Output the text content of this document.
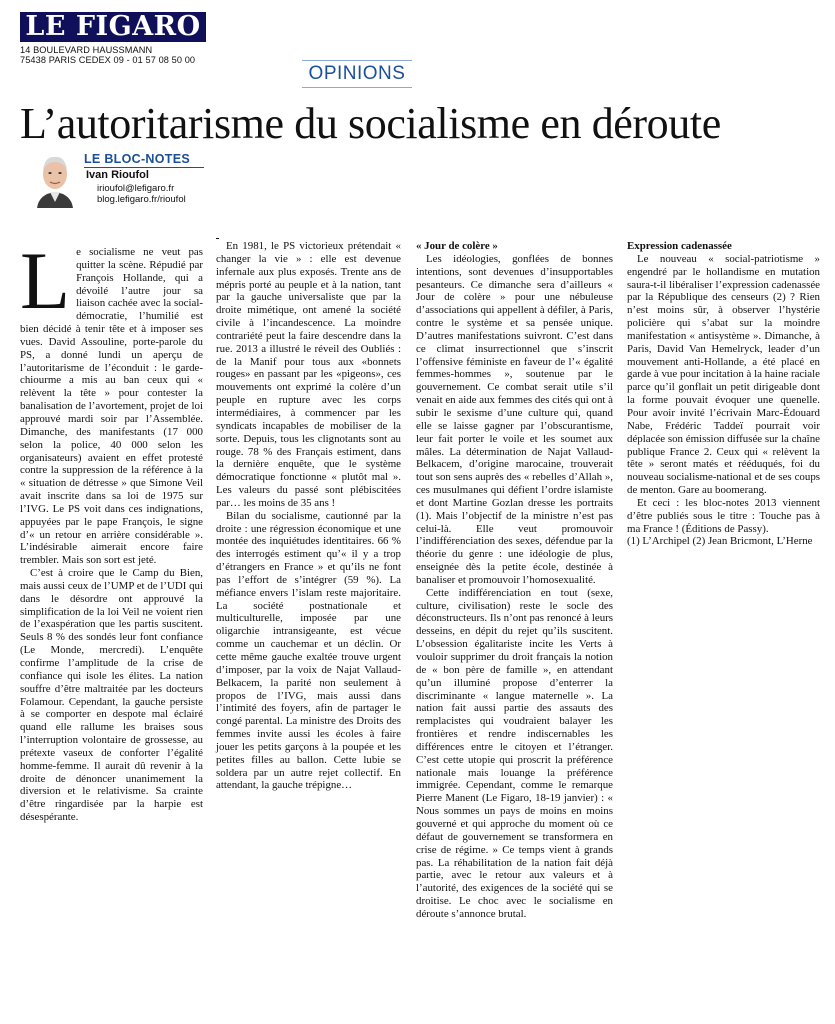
LE FIGARO
14 BOULEVARD HAUSSMANN
75438 PARIS CEDEX 09 - 01 57 08 50 00
OPINIONS
L’autoritarisme du socialisme en déroute
LE BLOC-NOTES
Ivan Rioufol
irioufol@lefigaro.fr
blog.lefigaro.fr/rioufol
L e socialisme ne veut pas quitter la scène. Répudié par François Hollande, qui a dévoilé l’autre jour sa liaison cachée avec la social-démocratie, l’humilié est bien décidé à tenir tête et à imposer ses vues. David Assouline, porte-parole du PS, a donné lundi un aperçu de l’autoritarisme de l’éconduit : le garde-chiourme a mis au ban ceux qui « relèvent la tête » pour contester la banalisation de l’avortement, projet de loi approuvé mardi soir par l’Assemblée. Dimanche, des manifestants (17 000 selon la police, 40 000 selon les organisateurs) avaient en effet protesté contre la suppression de la référence à la « situation de détresse » que Simone Veil avait inscrite dans sa loi de 1975 sur l’IVG. Le PS voit dans ces indignations, appuyées par le pape François, le signe d’« un retour en arrière considérable ». L’indésirable aimerait encore faire trembler. Mais son sort est jeté.

C’est à croire que le Camp du Bien, mais aussi ceux de l’UMP et de l’UDI qui dans le désordre ont approuvé la simplification de la loi Veil ne voient rien de l’exaspération que les partis suscitent. Seuls 8 % des sondés leur font confiance (Le Monde, mercredi). L’enquête confirme l’amplitude de la crise de confiance qui isole les élites. La nation souffre d’être maltraitée par les docteurs Folamour. Cependant, la gauche persiste à se comporter en despote mal éclairé quand elle rallume les braises sous l’interruption volontaire de grossesse, au prétexte vaseux de conforter l’égalité homme-femme. Il aurait dû revenir à la droite de dénoncer unanimement la diversion et le relativisme. Sa crainte d’être ringardisée par la harpie est désespérante.

En 1981, le PS victorieux prétendait « changer la vie » : elle est devenue infernale aux plus exposés. Trente ans de mépris porté au peuple et à la nation, tant par la gauche universaliste que par la droite mimétique, ont amené la société civile à l’incandescence. La moindre contrariété peut la faire descendre dans la rue. 2013 a illustré le réveil des Oubliés : de la Manif pour tous aux «bonnets rouges» en passant par les «pigeons», ces mouvements ont exprimé la colère d’un peuple en rupture avec les corps intermédiaires, à commencer par les syndicats incapables de mobiliser de la sorte. Depuis, tous les clignotants sont au rouge. 78 % des Français estiment, dans la dernière enquête, que le système démocratique fonctionne « plutôt mal ». Les valeurs du passé sont plébiscitées par… les moins de 35 ans !

Bilan du socialisme, cautionné par la droite : une régression économique et une montée des inquiétudes identitaires. 66 % des interrogés estiment qu’« il y a trop d’étrangers en France » et qu’ils ne font pas l’effort de s’intégrer (59 %). La méfiance envers l’islam reste majoritaire. La société postnationale et multiculturelle, imposée par une oligarchie intransigeante, est vécue comme un cauchemar et un déclin. Or cette même gauche exaltée trouve urgent d’imposer, par la voix de Najat Vallaud-Belkacem, la parité non seulement à propos de l’IVG, mais aussi dans l’intimité des foyers, afin de partager le congé parental. La ministre des Droits des femmes invite aussi les écoles à faire jouer les petits garçons à la poupée et les petites filles au ballon. Cette lubie se soldera par un autre rejet collectif. En attendant, la gauche trépigne…

« Jour de colère »

Les idéologies, gonflées de bonnes intentions, sont devenues d’insupportables pesanteurs. Ce dimanche sera d’ailleurs « Jour de colère » pour une nébuleuse d’associations qui appellent à défiler, à Paris, contre le système et sa pensée unique. D’autres manifestations suivront. C’est dans ce climat insurrectionnel que s’inscrit l’offensive féministe en faveur de l’« égalité femmes-hommes », soutenue par le gouvernement. Ce combat serait utile s’il venait en aide aux femmes des cités qui ont à subir le sexisme d’une culture qui, quand elle se laisse gagner par l’obscurantisme, leur fait porter le voile et les soumet aux mâles. La détermination de Najat Vallaud-Belkacem, d’origine marocaine, trouverait tout son sens auprès des « rebelles d’Allah », ces musulmanes qui défient l’ordre islamiste et dont Martine Gozlan dresse les portraits (1). Mais l’objectif de la ministre n’est pas celui-là. Elle veut promouvoir l’indifférenciation des sexes, défendue par la théorie du genre : une idéologie de plus, enseignée dès la petite école, destinée à banaliser et promouvoir l’homosexualité.

Cette indifférenciation en tout (sexe, culture, civilisation) reste le socle des déconstructeurs. Ils n’ont pas renoncé à leurs desseins, en dépit du rejet qu’ils suscitent. L’obsession égalitariste incite les Verts à vouloir supprimer du droit français la notion de « bon père de famille », en attendant qu’un illuminé propose d’enterrer la discriminante « langue maternelle ». La nation fait aussi partie des assauts des remplacistes qui voudraient balayer les frontières et rendre indiscernables les différences entre le citoyen et l’étranger. C’est cette utopie qui proscrit la préférence nationale mais louange la préférence immigrée. Cependant, comme le remarque Pierre Manent (Le Figaro, 18-19 janvier) : « Nous sommes un pays de moins en moins gouverné et qui approche du moment où ce défaut de gouvernement se transformera en crise de régime. » Ce temps vient à grands pas. La réhabilitation de la nation fait déjà partie, avec le retour aux valeurs et à l’autorité, des exigences de la société qui se droitise. Le choc avec le socialisme en déroute s’annonce brutal.

Expression cadenassée

Le nouveau « social-patriotisme » engendré par le hollandisme en mutation saura-t-il libéraliser l’expression cadenassée par la République des censeurs (2) ? Rien n’est moins sûr, à observer l’hystérie policière qui s’abat sur la moindre manifestation « antisystème ». Dimanche, à Paris, David Van Hemelryck, leader d’un mouvement anti-Hollande, a été placé en garde à vue pour incitation à la haine raciale parce qu’il gonflait un petit dirigeable dont la forme pouvait évoquer une quenelle. Pour avoir invité l’écrivain Marc-Édouard Nabe, Frédéric Taddeï pourrait voir déplacée son émission diffusée sur la chaîne publique France 2. Ceux qui « relèvent la tête » seront matés et rééduqués, foi du nouveau socialisme-national et de ses coups de menton. Gare au boomerang.

Et ceci : les bloc-notes 2013 viennent d’être publiés sous le titre : Touche pas à ma France ! (Éditions de Passy).

(1) L’Archipel (2) Jean Bricmont, L’Herne
